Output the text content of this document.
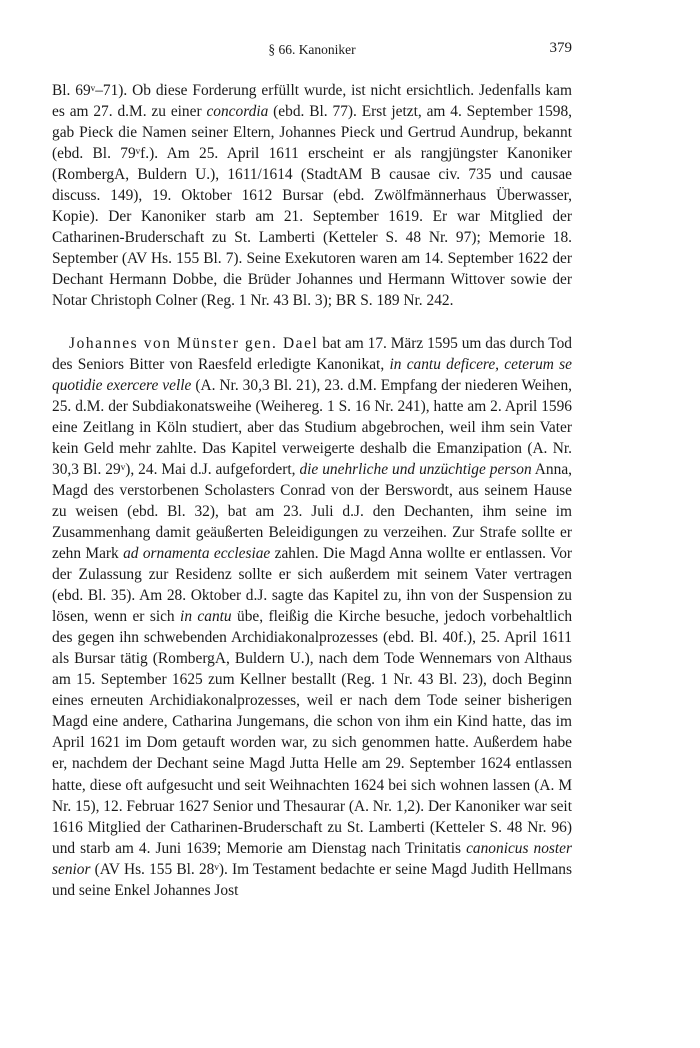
§ 66. Kanoniker	379

Bl. 69ᵛ–71). Ob diese Forderung erfüllt wurde, ist nicht ersichtlich. Jedenfalls kam es am 27. d.M. zu einer concordia (ebd. Bl. 77). Erst jetzt, am 4. September 1598, gab Pieck die Namen seiner Eltern, Johannes Pieck und Gertrud Aundrup, bekannt (ebd. Bl. 79ᵛf.). Am 25. April 1611 erscheint er als rangjüngster Kanoniker (RombergA, Buldern U.), 1611/1614 (StadtAM B causae civ. 735 und causae discuss. 149), 19. Oktober 1612 Bursar (ebd. Zwölfmännerhaus Überwasser, Kopie). Der Kanoniker starb am 21. September 1619. Er war Mitglied der Catharinen-Bruderschaft zu St. Lamberti (Ketteler S. 48 Nr. 97); Memorie 18. September (AV Hs. 155 Bl. 7). Seine Exekutoren waren am 14. September 1622 der Dechant Hermann Dobbe, die Brüder Johannes und Hermann Wittover sowie der Notar Christoph Colner (Reg. 1 Nr. 43 Bl. 3); BR S. 189 Nr. 242.

Johannes von Münster gen. Dael bat am 17. März 1595 um das durch Tod des Seniors Bitter von Raesfeld erledigte Kanonikat, in cantu deficere, ceterum se quotidie exercere velle (A. Nr. 30,3 Bl. 21), 23. d.M. Empfang der niederen Weihen, 25. d.M. der Subdiakonatsweihe (Weihereg. 1 S. 16 Nr. 241), hatte am 2. April 1596 eine Zeitlang in Köln studiert, aber das Studium abgebrochen, weil ihm sein Vater kein Geld mehr zahlte. Das Kapitel verweigerte deshalb die Emanzipation (A. Nr. 30,3 Bl. 29ᵛ), 24. Mai d.J. aufgefordert, die unehrliche und unzüchtige person Anna, Magd des verstorbenen Scholasters Conrad von der Berswordt, aus seinem Hause zu weisen (ebd. Bl. 32), bat am 23. Juli d.J. den Dechanten, ihm seine im Zusammenhang damit geäußerten Beleidigungen zu verzeihen. Zur Strafe sollte er zehn Mark ad ornamenta ecclesiae zahlen. Die Magd Anna wollte er entlassen. Vor der Zulassung zur Residenz sollte er sich außerdem mit seinem Vater vertragen (ebd. Bl. 35). Am 28. Oktober d.J. sagte das Kapitel zu, ihn von der Suspension zu lösen, wenn er sich in cantu übe, fleißig die Kirche besuche, jedoch vorbehaltlich des gegen ihn schwebenden Archidiakonalprozesses (ebd. Bl. 40f.), 25. April 1611 als Bursar tätig (RombergA, Buldern U.), nach dem Tode Wennemars von Althaus am 15. September 1625 zum Kellner bestallt (Reg. 1 Nr. 43 Bl. 23), doch Beginn eines erneuten Archidiakonalprozesses, weil er nach dem Tode seiner bisherigen Magd eine andere, Catharina Jungemans, die schon von ihm ein Kind hatte, das im April 1621 im Dom getauft worden war, zu sich genommen hatte. Außerdem habe er, nachdem der Dechant seine Magd Jutta Helle am 29. September 1624 entlassen hatte, diese oft aufgesucht und seit Weihnachten 1624 bei sich wohnen lassen (A. M Nr. 15), 12. Februar 1627 Senior und Thesaurar (A. Nr. 1,2). Der Kanoniker war seit 1616 Mitglied der Catharinen-Bruderschaft zu St. Lamberti (Ketteler S. 48 Nr. 96) und starb am 4. Juni 1639; Memorie am Dienstag nach Trinitatis canonicus noster senior (AV Hs. 155 Bl. 28ᵛ). Im Testament bedachte er seine Magd Judith Hellmans und seine Enkel Johannes Jost
